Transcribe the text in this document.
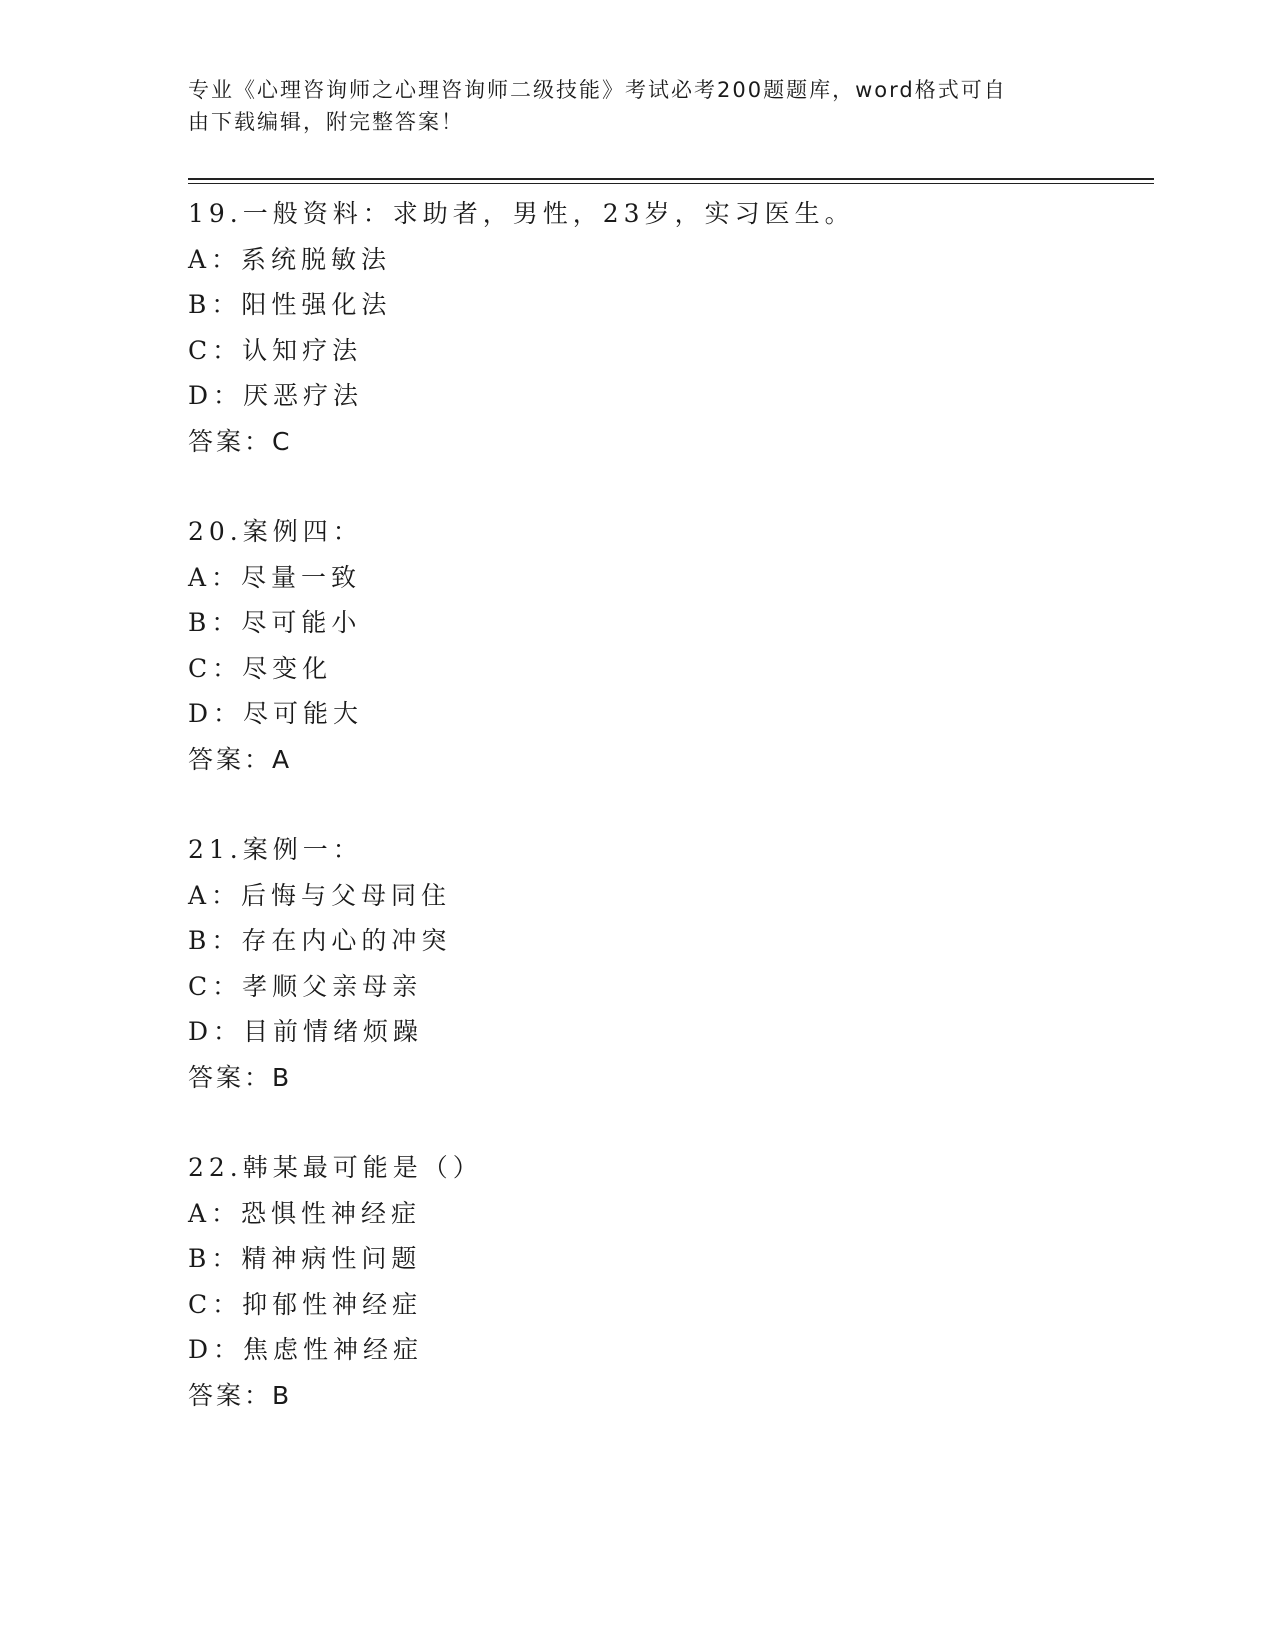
专业《心理咨询师之心理咨询师二级技能》考试必考200题题库，word格式可自

由下载编辑，附完整答案！

19.一般资料：求助者，男性，23岁，实习医生。
A：系统脱敏法
B：阳性强化法
C：认知疗法
D：厌恶疗法
答案：C
20.案例四：
A：尽量一致
B：尽可能小
C：尽变化
D：尽可能大
答案：A
21.案例一：
A：后悔与父母同住
B：存在内心的冲突
C：孝顺父亲母亲
D：目前情绪烦躁
答案：B
22.韩某最可能是（）
A：恐惧性神经症
B：精神病性问题
C：抑郁性神经症
D：焦虑性神经症
答案：B
